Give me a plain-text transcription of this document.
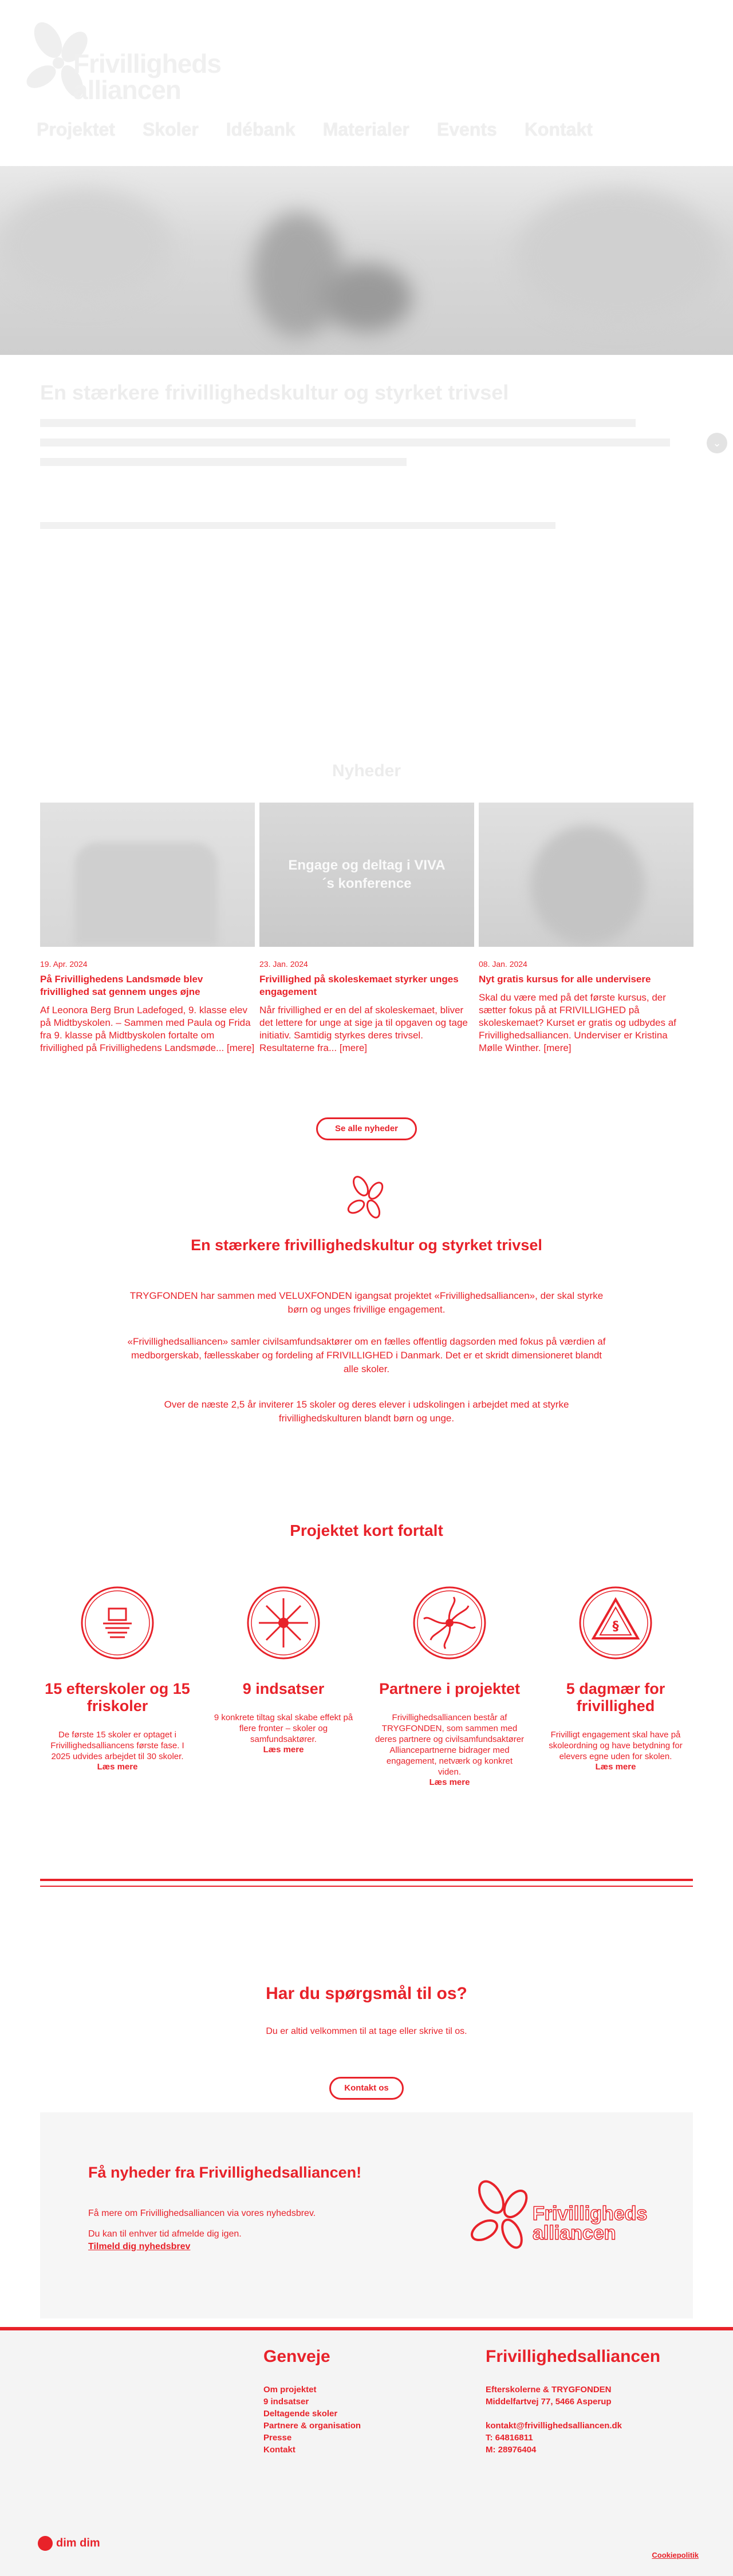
Frivilligheds
alliancen
Projektet Skoler Idébank Materialer Events Kontakt
En stærkere frivillighedskultur og styrket trivsel
⌄
Nyheder
19. Apr. 2024
På Frivillighedens Landsmøde blev frivillighed sat gennem unges øjne
Af Leonora Berg Brun Ladefoged, 9. klasse elev på Midtbyskolen. – Sammen med Paula og Frida fra 9. klasse på Midtbyskolen fortalte om frivillighed på Frivillighedens Landsmøde... [mere]
Engage og deltag i VIVA´s konference
23. Jan. 2024
Frivillighed på skoleskemaet styrker unges engagement
Når frivillighed er en del af skoleskemaet, bliver det lettere for unge at sige ja til opgaven og tage initiativ. Samtidig styrkes deres trivsel. Resultaterne fra... [mere]
08. Jan. 2024
Nyt gratis kursus for alle undervisere
Skal du være med på det første kursus, der sætter fokus på at FRIVILLIGHED på skoleskemaet? Kurset er gratis og udbydes af Frivillighedsalliancen. Underviser er Kristina Mølle Winther. [mere]
Se alle nyheder
En stærkere frivillighedskultur og styrket trivsel

TRYGFONDEN har sammen med VELUXFONDEN igangsat projektet «Frivillighedsalliancen», der skal styrke børn og unges frivillige engagement.

«Frivillighedsalliancen» samler civilsamfundsaktører om en fælles offentlig dagsorden med fokus på værdien af medborgerskab, fællesskaber og fordeling af FRIVILLIGHED i Danmark. Det er et skridt dimensioneret blandt alle skoler.

Over de næste 2,5 år inviterer 15 skoler og deres elever i udskolingen i arbejdet med at styrke frivillighedskulturen blandt børn og unge.

Projektet kort fortalt
15 efterskoler og 15 friskoler
De første 15 skoler er optaget i Frivillighedsalliancens første fase. I 2025 udvides arbejdet til 30 skoler.
Læs mere
9 indsatser
9 konkrete tiltag skal skabe effekt på flere fronter – skoler og samfundsaktører.
Læs mere
Partnere i projektet
Frivillighedsalliancen består af TRYGFONDEN, som sammen med deres partnere og civilsamfundsaktører Alliancepartnerne bidrager med engagement, netværk og konkret viden.
Læs mere
§
5 dagmær for frivillighed
Frivilligt engagement skal have på skoleordning og have betydning for elevers egne uden for skolen.
Læs mere
Har du spørgsmål til os?

Du er altid velkommen til at tage eller skrive til os.

Kontakt os
Få nyheder fra Frivillighedsalliancen!
Få mere om Frivillighedsalliancen via vores nyhedsbrev.
Du kan til enhver tid afmelde dig igen.
Tilmeld dig nyhedsbrev
Frivilligheds
alliancen
Genveje
Om projektet
9 indsatser
Deltagende skoler
Partnere & organisation
Presse
Kontakt
Frivillighedsalliancen
Efterskolerne & TRYGFONDEN
Middelfartvej 77, 5466 Asperup
kontakt@frivillighedsalliancen.dk
T: 64816811
M: 28976404
dim dim
Cookiepolitik
